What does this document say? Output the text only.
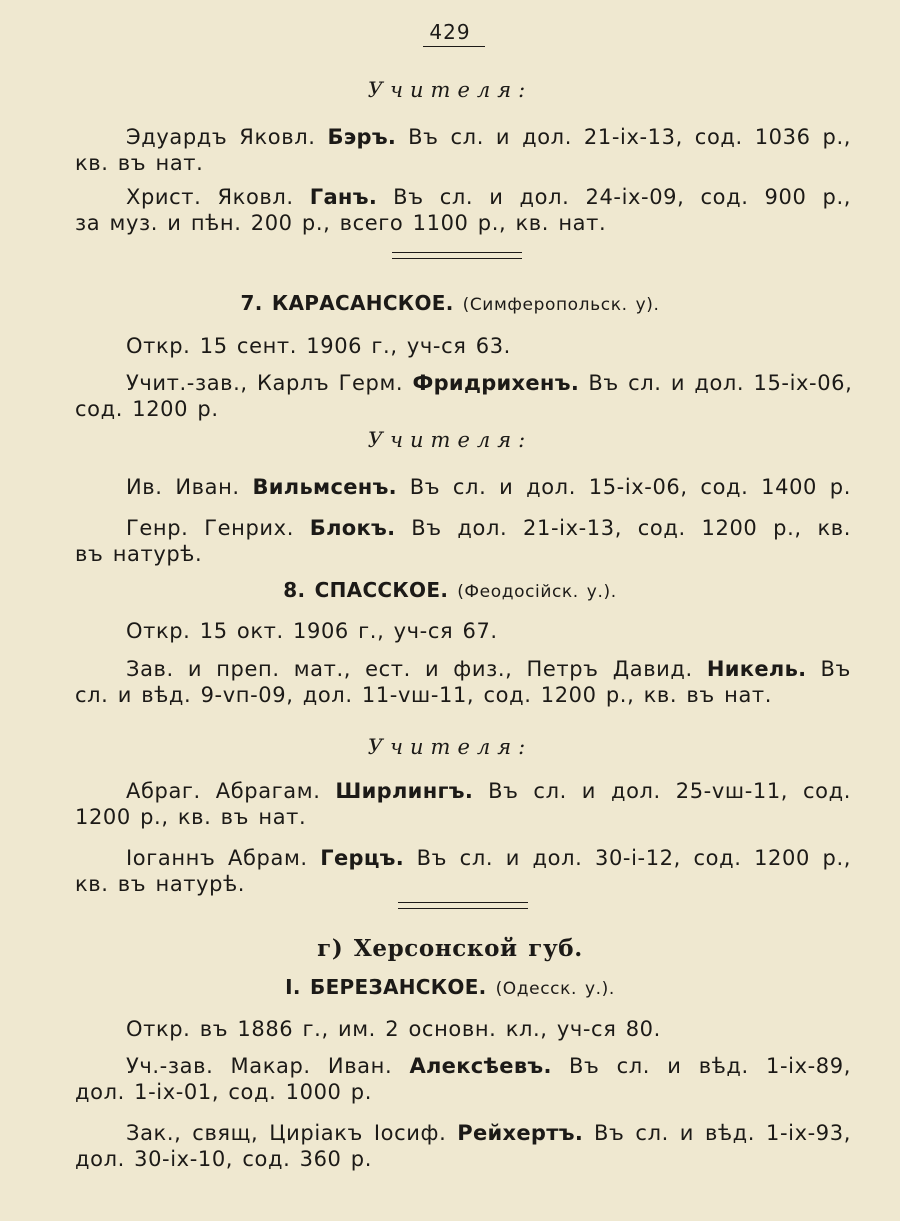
429
Учителя:
Эдуардъ Яковл. Бэръ. Въ сл. и дол. 21-іх-13, сод. 1036 р.,
кв. въ нат.
Христ. Яковл. Ганъ. Въ сл. и дол. 24-іх-09, сод. 900 р.,
за муз. и пѣн. 200 р., всего 1100 р., кв. нат.
7. КАРАСАНСКОЕ. (Симферопольск. у).
Откр. 15 сент. 1906 г., уч-ся 63.
Учит.-зав., Карлъ Герм. Фридрихенъ. Въ сл. и дол. 15-іх-06,
сод. 1200 р.
Учителя:
Ив. Иван. Вильмсенъ. Въ сл. и дол. 15-іх-06, сод. 1400 р.
Генр. Генрих. Блокъ. Въ дол. 21-іх-13, сод. 1200 р., кв.
въ натурѣ.
8. СПАССКОЕ. (Феодосійск. у.).
Откр. 15 окт. 1906 г., уч-ся 67.
Зав. и преп. мат., ест. и физ., Петръ Давид. Никель. Въ
сл. и вѣд. 9-vп-09, дол. 11-vш-11, сод. 1200 р., кв. въ нат.
Учителя:
Абраг. Абрагам. Ширлингъ. Въ сл. и дол. 25-vш-11, сод.
1200 р., кв. въ нат.
Іоганнъ Абрам. Герцъ. Въ сл. и дол. 30-і-12, сод. 1200 р.,
кв. въ натурѣ.
г) Херсонской губ.
I. БЕРЕЗАНСКОЕ. (Одесск. у.).
Откр. въ 1886 г., им. 2 основн. кл., уч-ся 80.
Уч.-зав. Макар. Иван. Алексѣевъ. Въ сл. и вѣд. 1-іх-89,
дол. 1-іх-01, сод. 1000 р.
Зак., свящ, Циріакъ Іосиф. Рейхертъ. Въ сл. и вѣд. 1-іх-93,
дол. 30-іх-10, сод. 360 р.
